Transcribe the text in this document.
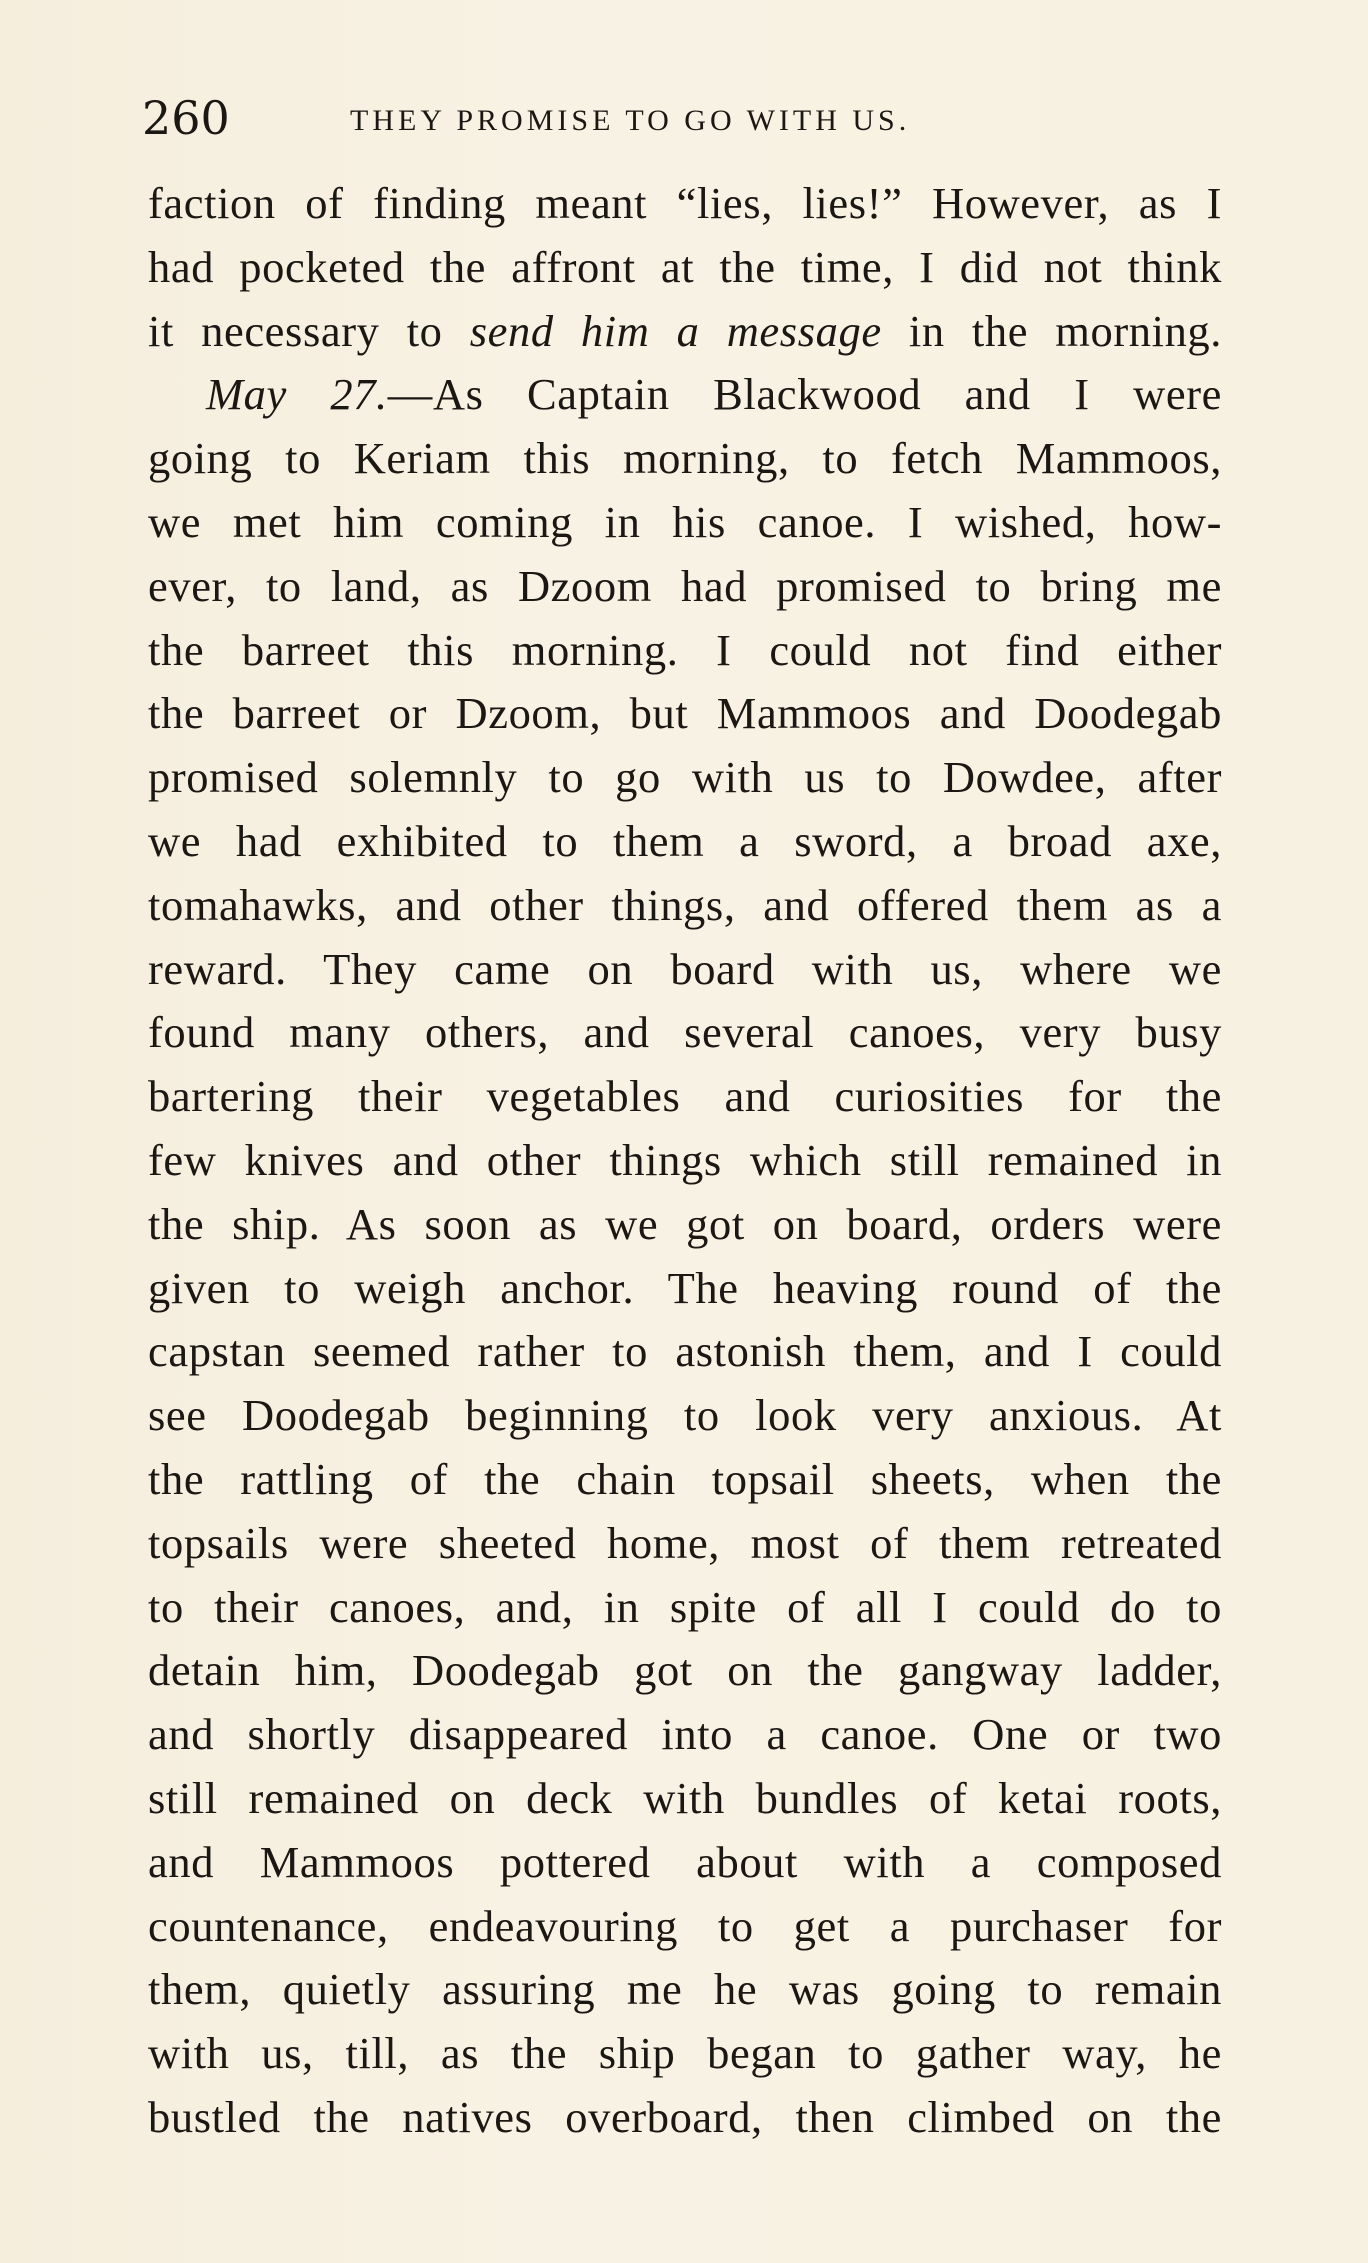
260	THEY PROMISE TO GO WITH US.
faction of finding meant “lies, lies!” However, as I
had pocketed the affront at the time, I did not think
it necessary to send him a message in the morning.
May 27.—As Captain Blackwood and I were
going to Keriam this morning, to fetch Mammoos,
we met him coming in his canoe. I wished, how-
ever, to land, as Dzoom had promised to bring me
the barreet this morning. I could not find either
the barreet or Dzoom, but Mammoos and Doodegab
promised solemnly to go with us to Dowdee, after
we had exhibited to them a sword, a broad axe,
tomahawks, and other things, and offered them as a
reward. They came on board with us, where we
found many others, and several canoes, very busy
bartering their vegetables and curiosities for the
few knives and other things which still remained in
the ship. As soon as we got on board, orders were
given to weigh anchor. The heaving round of the
capstan seemed rather to astonish them, and I could
see Doodegab beginning to look very anxious. At
the rattling of the chain topsail sheets, when the
topsails were sheeted home, most of them retreated
to their canoes, and, in spite of all I could do to
detain him, Doodegab got on the gangway ladder,
and shortly disappeared into a canoe. One or two
still remained on deck with bundles of ketai roots,
and Mammoos pottered about with a composed
countenance, endeavouring to get a purchaser for
them, quietly assuring me he was going to remain
with us, till, as the ship began to gather way, he
bustled the natives overboard, then climbed on the
